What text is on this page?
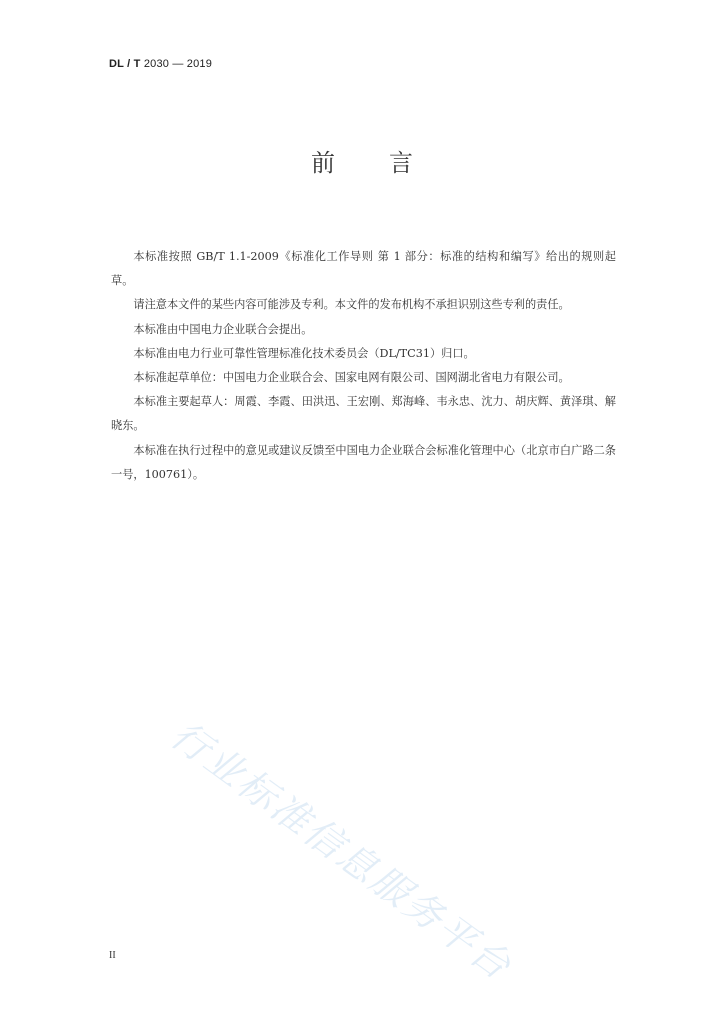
DL / T 2030 — 2019
前言

本标准按照 GB/T 1.1-2009《标准化工作导则 第 1 部分：标准的结构和编写》给出的规则起草。

请注意本文件的某些内容可能涉及专利。本文件的发布机构不承担识别这些专利的责任。

本标准由中国电力企业联合会提出。

本标准由电力行业可靠性管理标准化技术委员会（DL/TC31）归口。

本标准起草单位：中国电力企业联合会、国家电网有限公司、国网湖北省电力有限公司。

本标准主要起草人：周霞、李霞、田洪迅、王宏刚、郑海峰、韦永忠、沈力、胡庆辉、黄泽琪、解晓东。

本标准在执行过程中的意见或建议反馈至中国电力企业联合会标准化管理中心（北京市白广路二条一号，100761）。

行业标准信息服务平台
II
